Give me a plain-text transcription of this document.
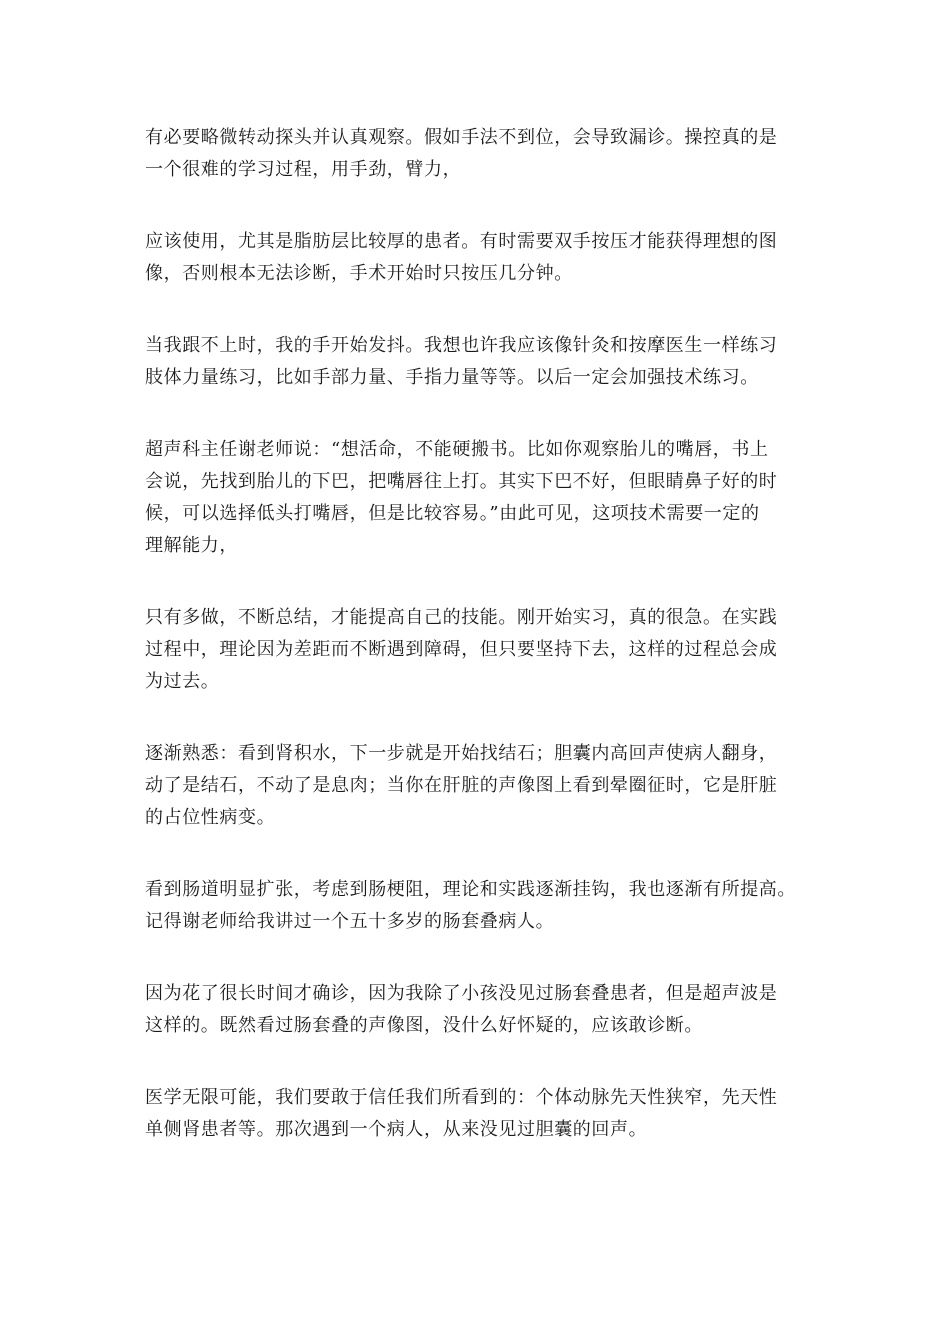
有必要略微转动探头并认真观察。假如手法不到位，会导致漏诊。操控真的是
一个很难的学习过程，用手劲，臂力，

应该使用，尤其是脂肪层比较厚的患者。有时需要双手按压才能获得理想的图
像，否则根本无法诊断，手术开始时只按压几分钟。

当我跟不上时，我的手开始发抖。我想也许我应该像针灸和按摩医生一样练习
肢体力量练习，比如手部力量、手指力量等等。以后一定会加强技术练习。

超声科主任谢老师说：“想活命，不能硬搬书。比如你观察胎儿的嘴唇，书上
会说，先找到胎儿的下巴，把嘴唇往上打。其实下巴不好，但眼睛鼻子好的时
候，可以选择低头打嘴唇，但是比较容易。”由此可见，这项技术需要一定的
理解能力，

只有多做，不断总结，才能提高自己的技能。刚开始实习，真的很急。在实践
过程中，理论因为差距而不断遇到障碍，但只要坚持下去，这样的过程总会成
为过去。

逐渐熟悉：看到肾积水，下一步就是开始找结石；胆囊内高回声使病人翻身，
动了是结石，不动了是息肉；当你在肝脏的声像图上看到晕圈征时，它是肝脏
的占位性病变。

看到肠道明显扩张，考虑到肠梗阻，理论和实践逐渐挂钩，我也逐渐有所提高。
记得谢老师给我讲过一个五十多岁的肠套叠病人。

因为花了很长时间才确诊，因为我除了小孩没见过肠套叠患者，但是超声波是
这样的。既然看过肠套叠的声像图，没什么好怀疑的，应该敢诊断。

医学无限可能，我们要敢于信任我们所看到的：个体动脉先天性狭窄，先天性
单侧肾患者等。那次遇到一个病人，从来没见过胆囊的回声。
